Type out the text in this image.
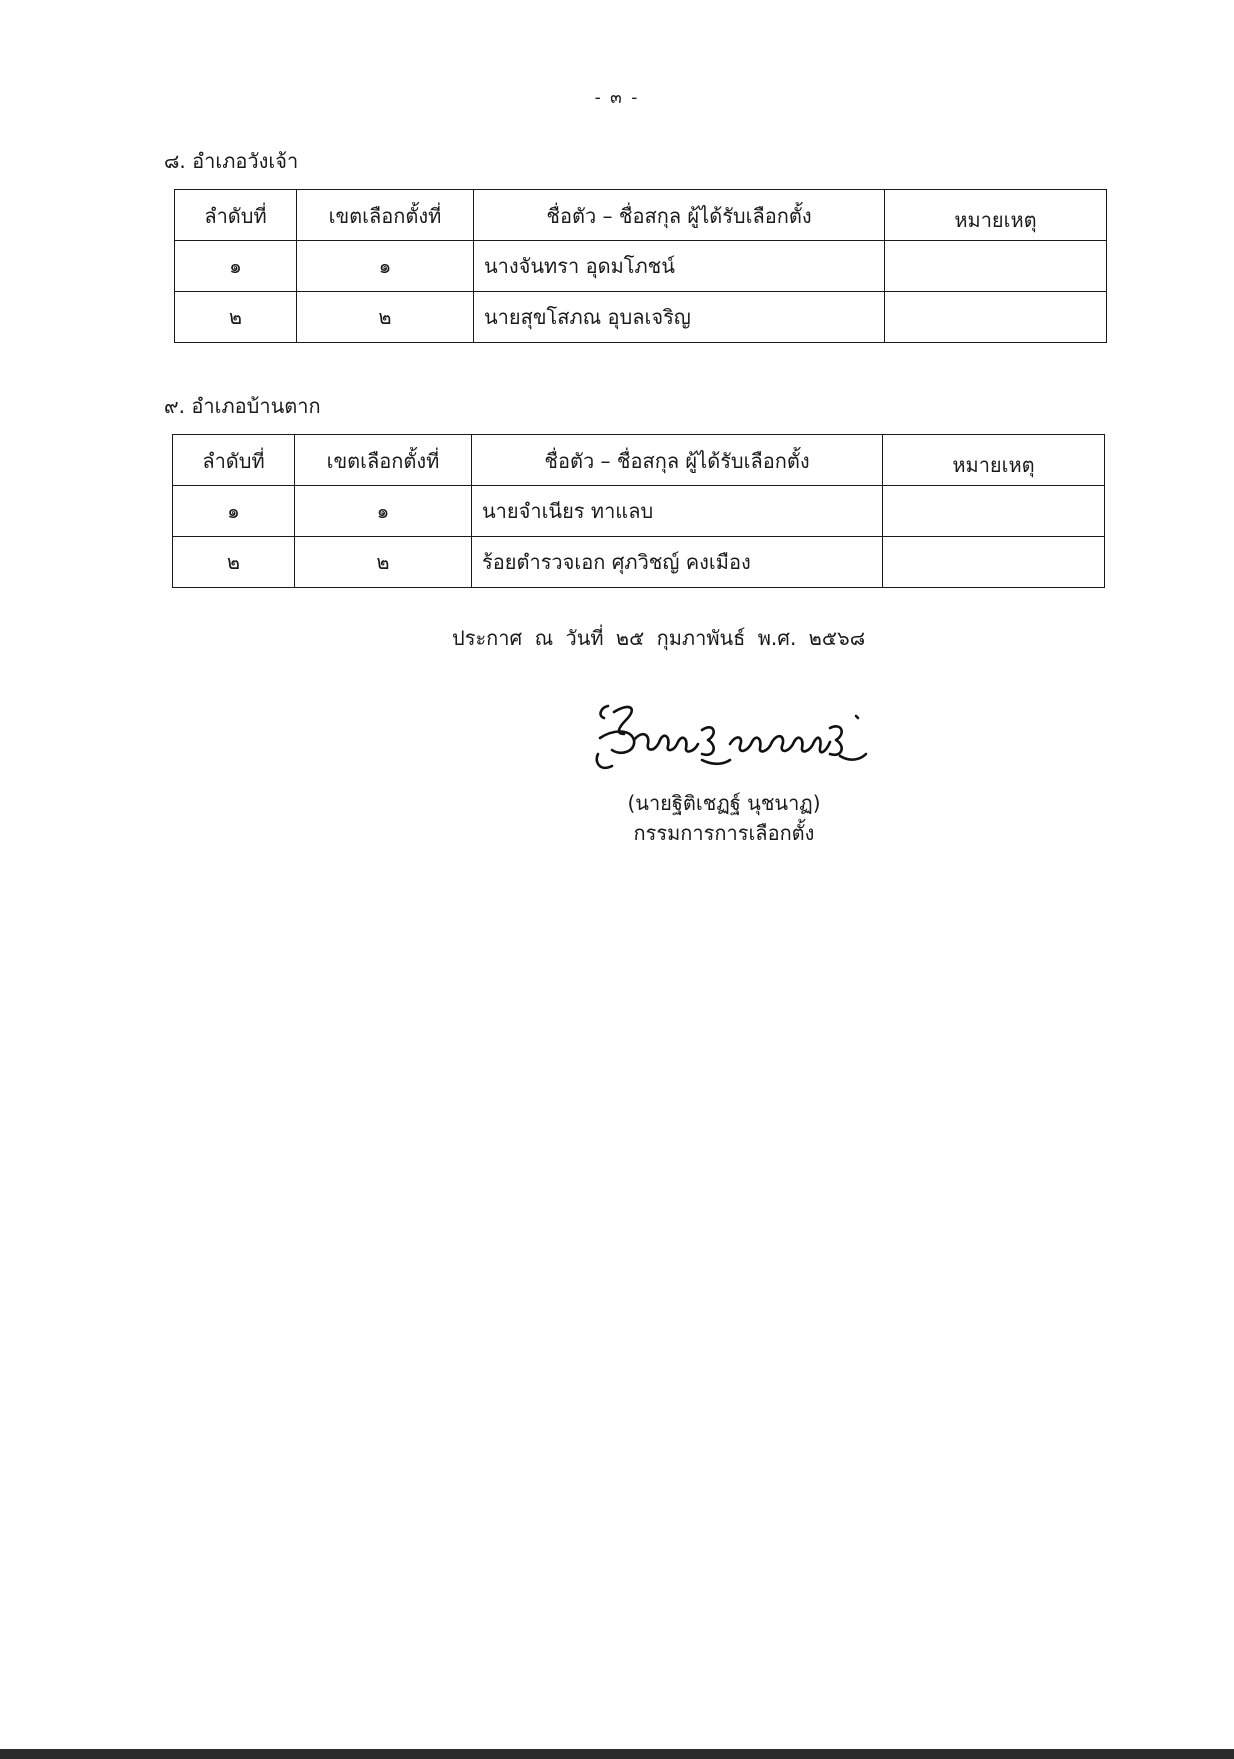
- ๓ -
๘. อำเภอวังเจ้า
ลำดับที่	เขตเลือกตั้งที่	ชื่อตัว – ชื่อสกุล ผู้ได้รับเลือกตั้ง	หมายเหตุ
๑	๑	นางจันทรา อุดมโภชน์	
๒	๒	นายสุขโสภณ อุบลเจริญ	
๙. อำเภอบ้านตาก
ลำดับที่	เขตเลือกตั้งที่	ชื่อตัว – ชื่อสกุล ผู้ได้รับเลือกตั้ง	หมายเหตุ
๑	๑	นายจำเนียร ทาแลบ	
๒	๒	ร้อยตำรวจเอก ศุภวิชญ์ คงเมือง	
ประกาศ ณ วันที่ ๒๕ กุมภาพันธ์ พ.ศ. ๒๕๖๘
(นายฐิติเชฏฐ์ นุชนาฏ)
กรรมการการเลือกตั้ง
